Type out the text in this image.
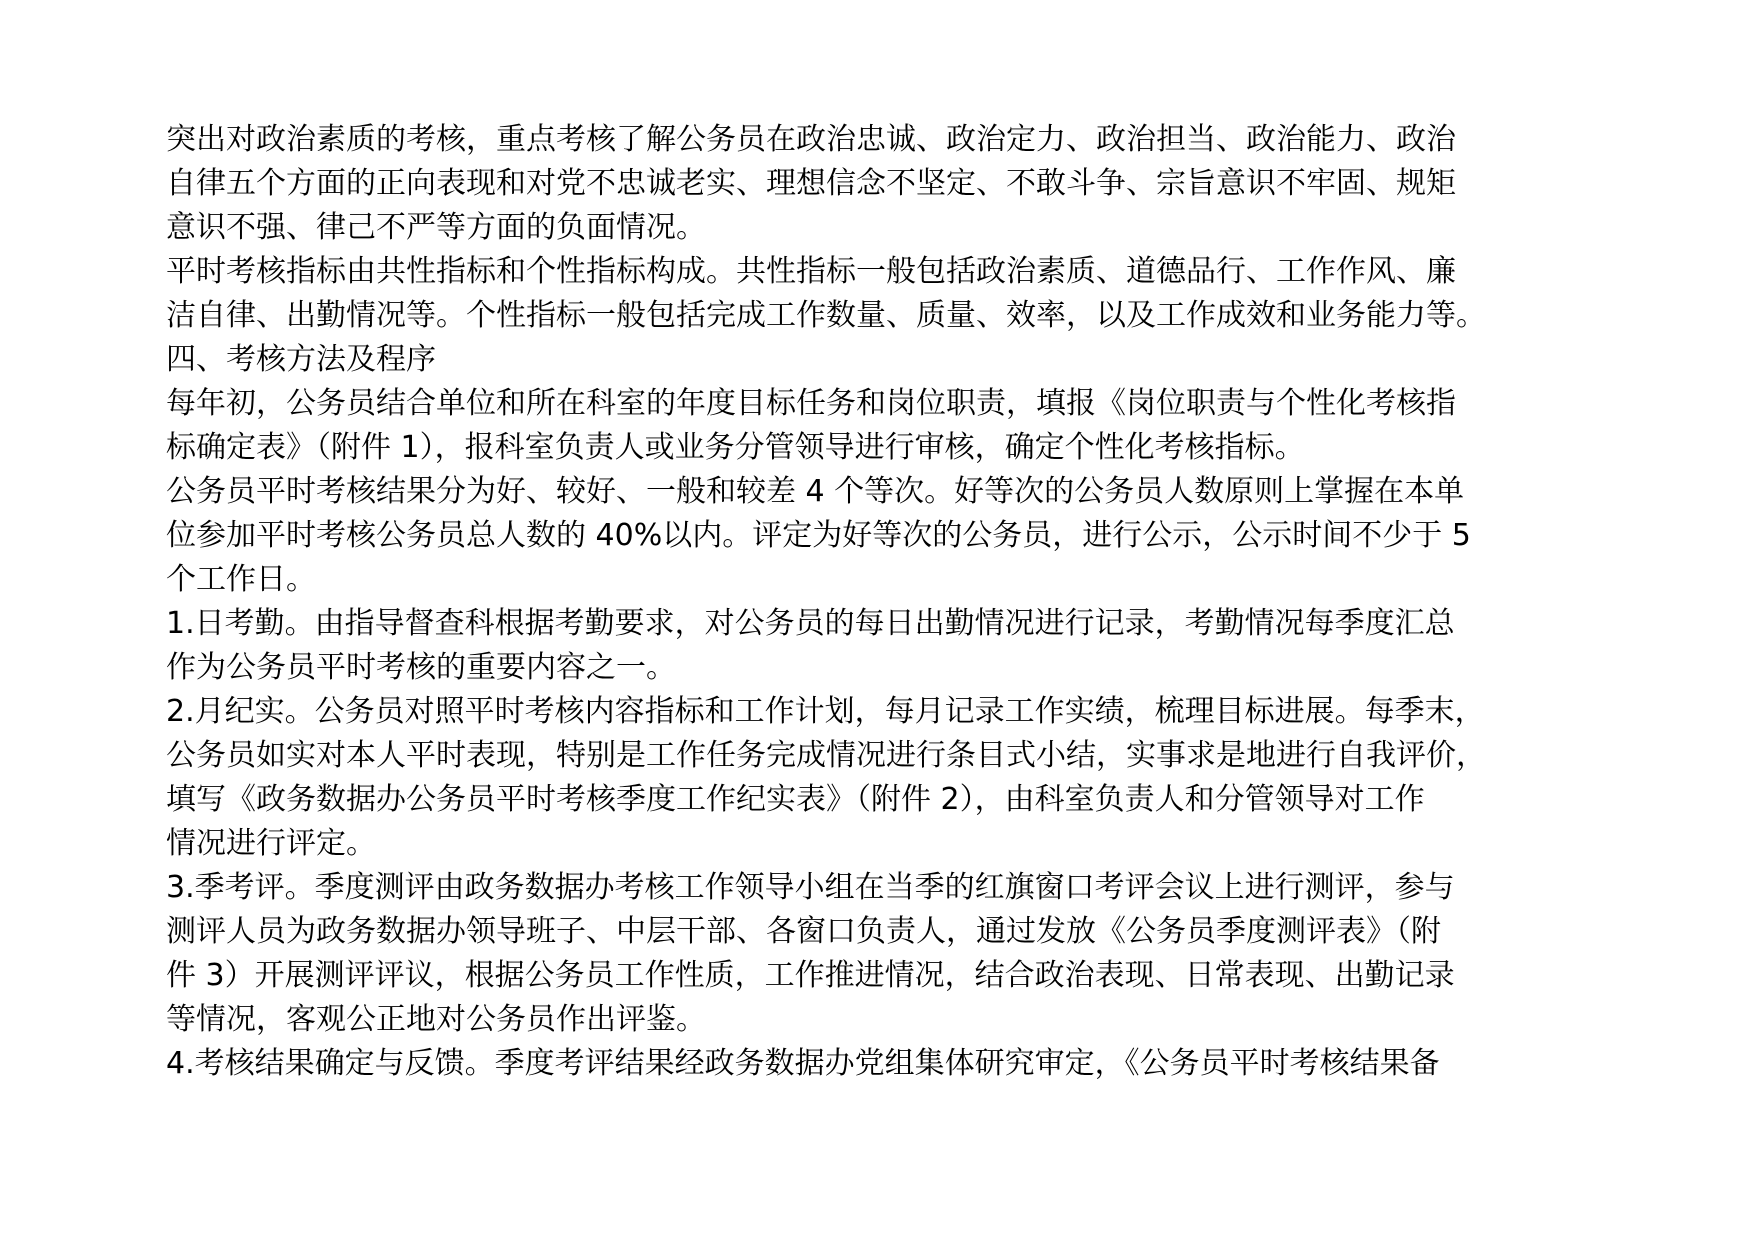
突出对政治素质的考核，重点考核了解公务员在政治忠诚、政治定力、政治担当、政治能力、政治

自律五个方面的正向表现和对党不忠诚老实、理想信念不坚定、不敢斗争、宗旨意识不牢固、规矩

意识不强、律己不严等方面的负面情况。

平时考核指标由共性指标和个性指标构成。共性指标一般包括政治素质、道德品行、工作作风、廉

洁自律、出勤情况等。个性指标一般包括完成工作数量、质量、效率，以及工作成效和业务能力等。

四、考核方法及程序

每年初，公务员结合单位和所在科室的年度目标任务和岗位职责，填报《岗位职责与个性化考核指

标确定表》（附件 1），报科室负责人或业务分管领导进行审核，确定个性化考核指标。

公务员平时考核结果分为好、较好、一般和较差 4 个等次。好等次的公务员人数原则上掌握在本单

位参加平时考核公务员总人数的 40%以内。评定为好等次的公务员，进行公示，公示时间不少于 5

个工作日。

1.日考勤。由指导督查科根据考勤要求，对公务员的每日出勤情况进行记录，考勤情况每季度汇总

作为公务员平时考核的重要内容之一。

2.月纪实。公务员对照平时考核内容指标和工作计划，每月记录工作实绩，梳理目标进展。每季末，

公务员如实对本人平时表现，特别是工作任务完成情况进行条目式小结，实事求是地进行自我评价，

填写《政务数据办公务员平时考核季度工作纪实表》（附件 2），由科室负责人和分管领导对工作

情况进行评定。

3.季考评。季度测评由政务数据办考核工作领导小组在当季的红旗窗口考评会议上进行测评，参与

测评人员为政务数据办领导班子、中层干部、各窗口负责人，通过发放《公务员季度测评表》（附

件 3）开展测评评议，根据公务员工作性质，工作推进情况，结合政治表现、日常表现、出勤记录

等情况，客观公正地对公务员作出评鉴。

4.考核结果确定与反馈。季度考评结果经政务数据办党组集体研究审定，《公务员平时考核结果备
